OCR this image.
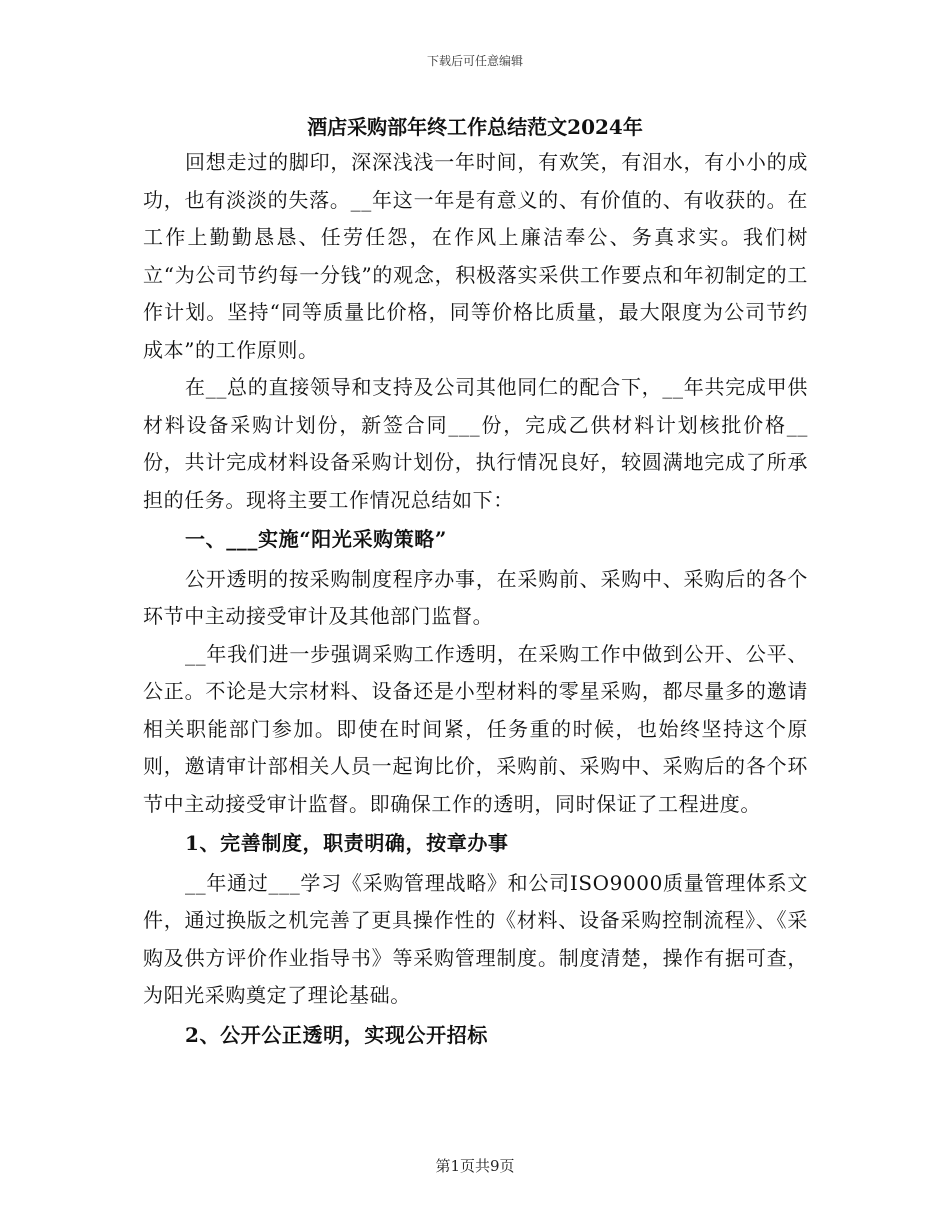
下载后可任意编辑
酒店采购部年终工作总结范文2024年

回想走过的脚印，深深浅浅一年时间，有欢笑，有泪水，有小小的成功，也有淡淡的失落。__年这一年是有意义的、有价值的、有收获的。在工作上勤勤恳恳、任劳任怨，在作风上廉洁奉公、务真求实。我们树立“为公司节约每一分钱”的观念，积极落实采供工作要点和年初制定的工作计划。坚持“同等质量比价格，同等价格比质量，最大限度为公司节约成本”的工作原则。

在__总的直接领导和支持及公司其他同仁的配合下，__年共完成甲供材料设备采购计划份，新签合同___份，完成乙供材料计划核批价格__份，共计完成材料设备采购计划份，执行情况良好，较圆满地完成了所承担的任务。现将主要工作情况总结如下：

一、___实施“阳光采购策略”

公开透明的按采购制度程序办事，在采购前、采购中、采购后的各个环节中主动接受审计及其他部门监督。

__年我们进一步强调采购工作透明，在采购工作中做到公开、公平、公正。不论是大宗材料、设备还是小型材料的零星采购，都尽量多的邀请相关职能部门参加。即使在时间紧，任务重的时候，也始终坚持这个原则，邀请审计部相关人员一起询比价，采购前、采购中、采购后的各个环节中主动接受审计监督。即确保工作的透明，同时保证了工程进度。

1、完善制度，职责明确，按章办事

__年通过___学习《采购管理战略》和公司ISO9000质量管理体系文件，通过换版之机完善了更具操作性的《材料、设备采购控制流程》、《采购及供方评价作业指导书》等采购管理制度。制度清楚，操作有据可查，为阳光采购奠定了理论基础。

2、公开公正透明，实现公开招标

第1页共9页
